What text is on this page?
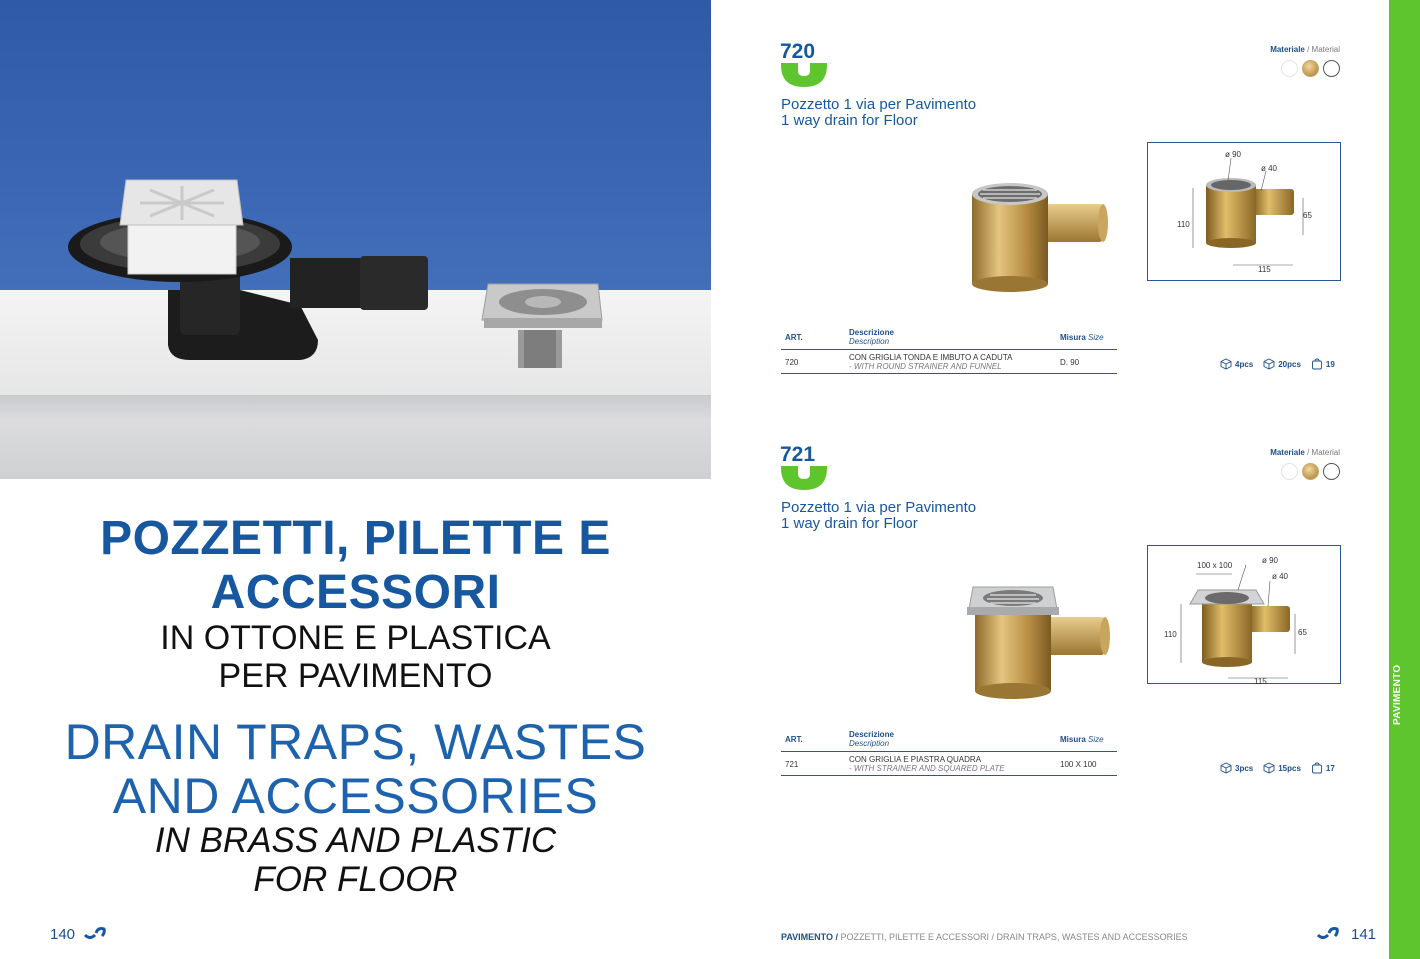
POZZETTI, PILETTE E
ACCESSORI
IN OTTONE E PLASTICA
PER PAVIMENTO
DRAIN TRAPS, WASTES
AND ACCESSORIES
IN BRASS AND PLASTIC
FOR FLOOR
140
PAVIMENTO
720
Pozzetto 1 via per Pavimento
1 way drain for Floor
Materiale / Material
ø 90
ø 40
110
65
115
ART.
Descrizione
Description	Misura Size
720
CON GRIGLIA TONDA E IMBUTO A CADUTA
- WITH ROUND STRAINER AND FUNNEL	D. 90	4pcs	20pcs	19
721
Pozzetto 1 via per Pavimento
1 way drain for Floor
Materiale / Material
100 x 100
ø 90
ø 40
110	65
115
ART.
Descrizione
Description	Misura Size
721
CON GRIGLIA E PIASTRA QUADRA
- WITH STRAINER AND SQUARED PLATE	100 X 100	3pcs	15pcs	17
PAVIMENTO / POZZETTI, PILETTE E ACCESSORI / DRAIN TRAPS, WASTES AND ACCESSORIES	141
